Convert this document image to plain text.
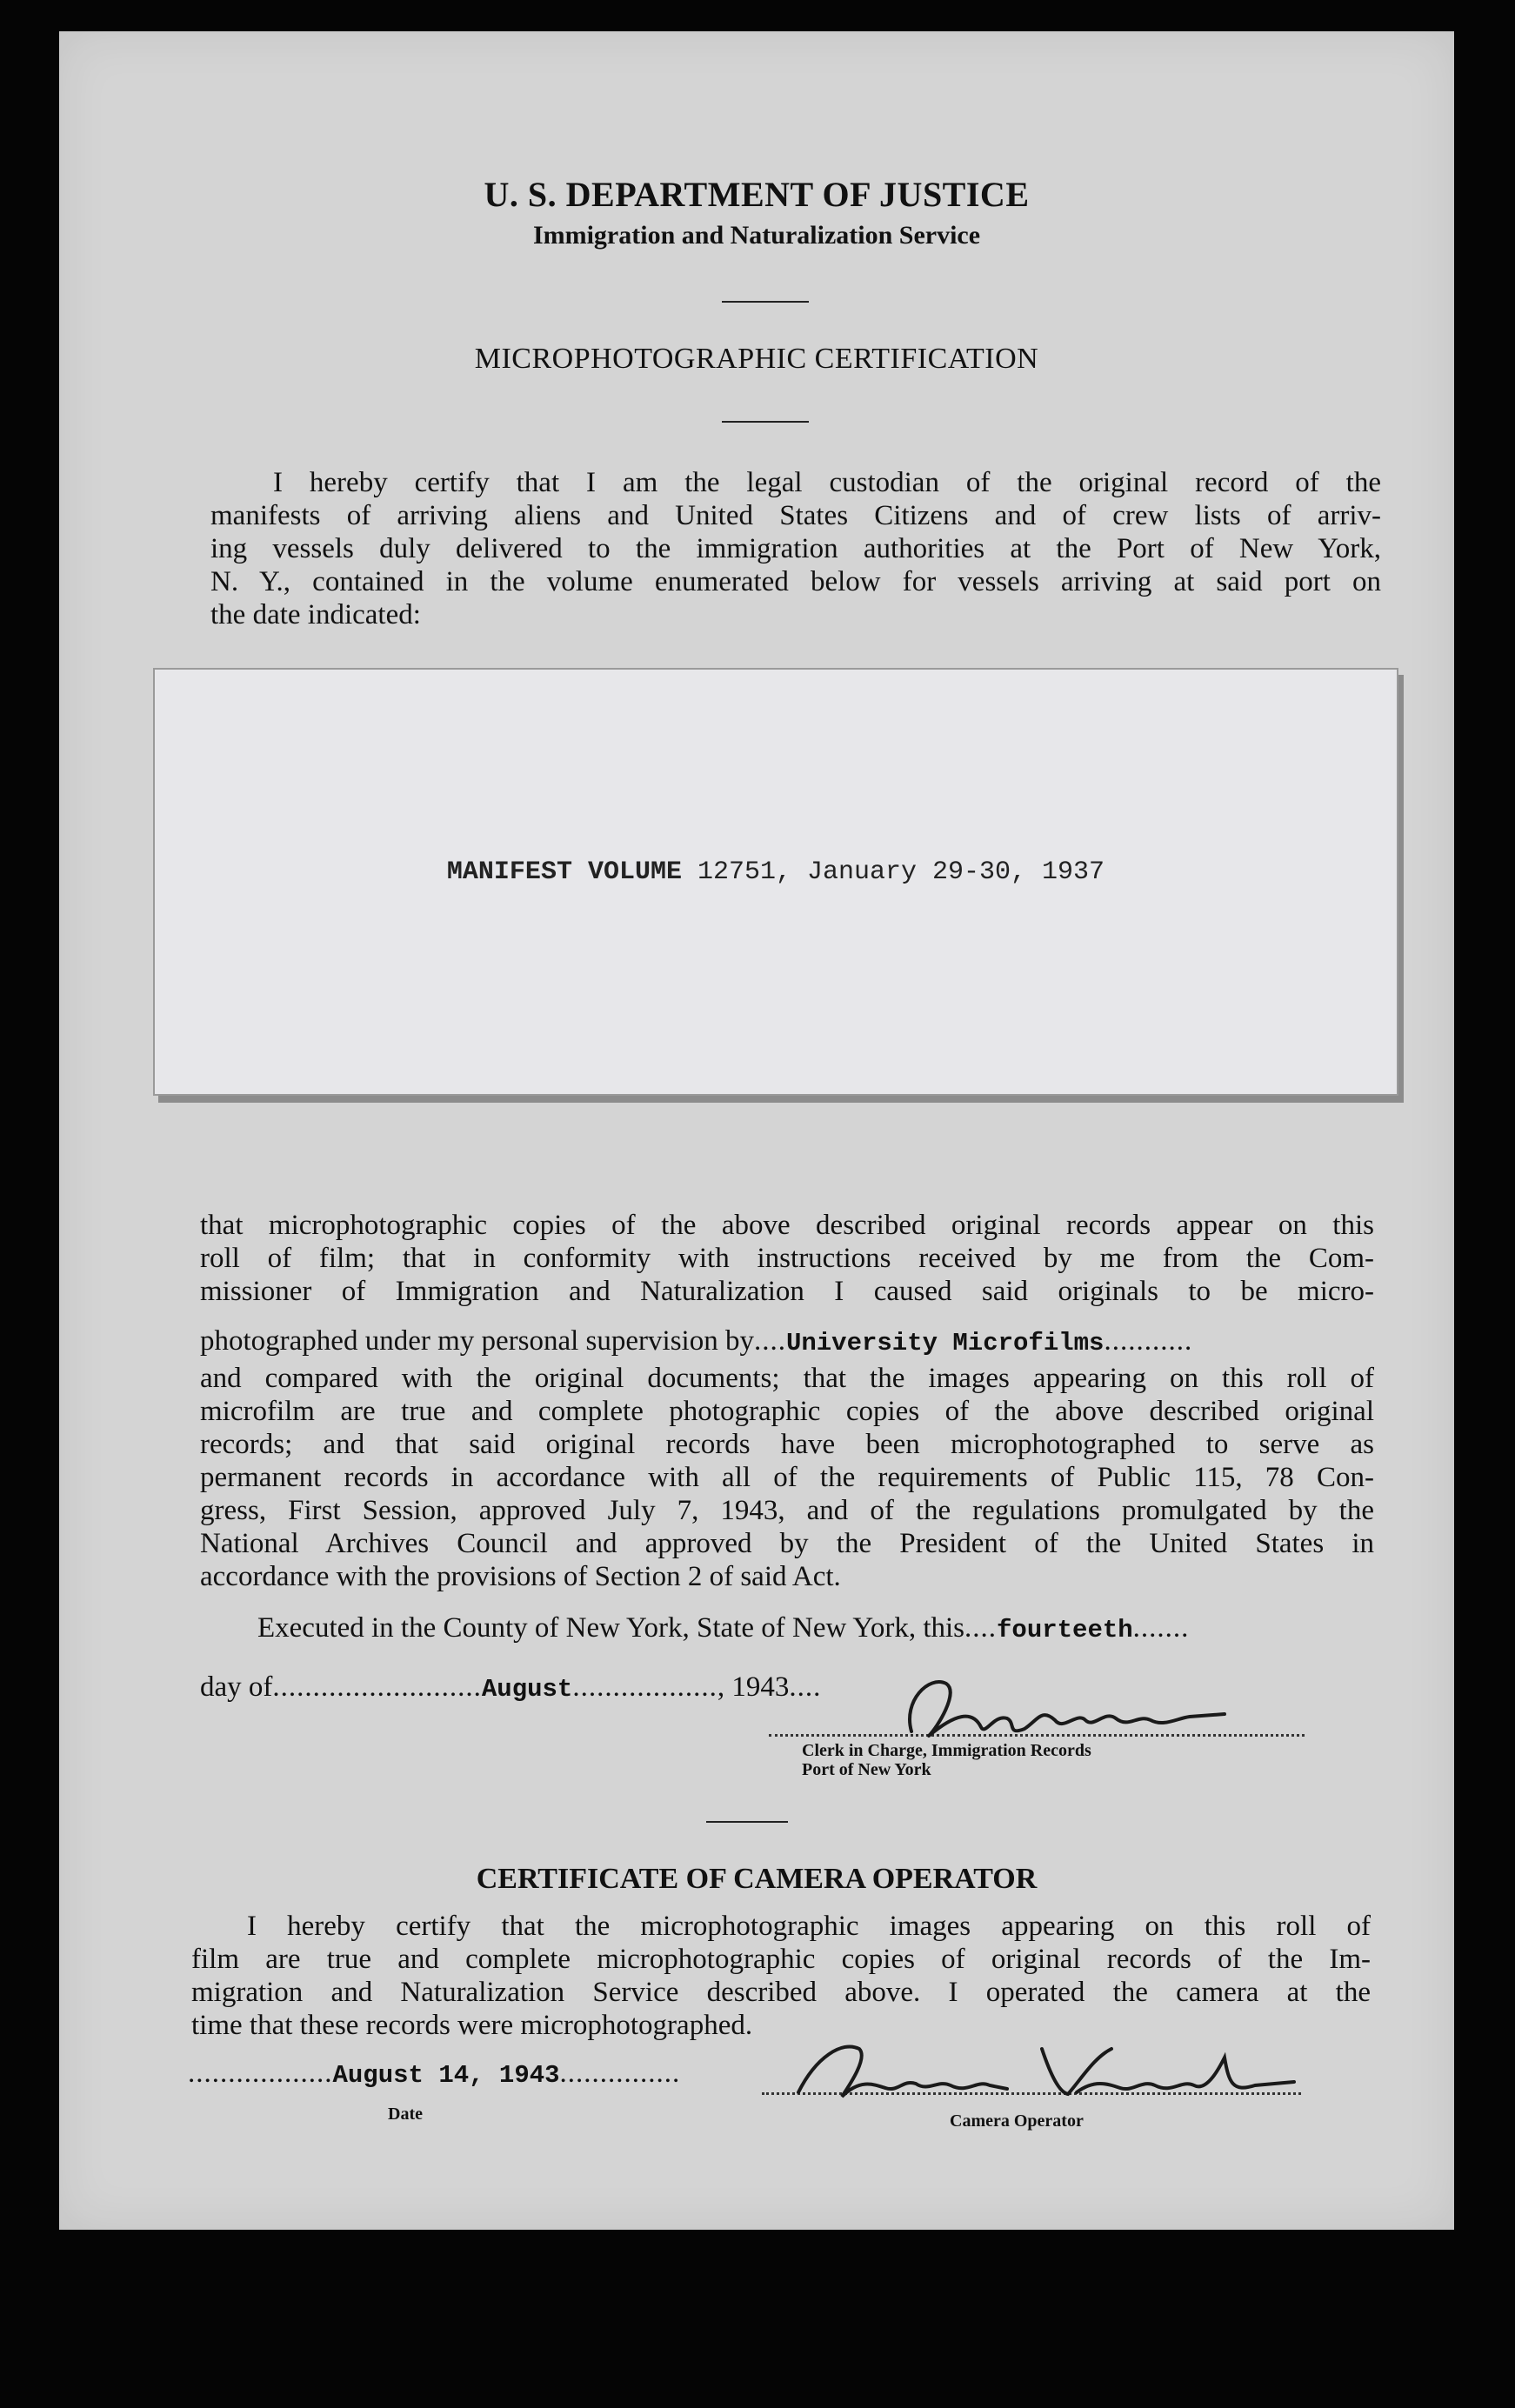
U. S. DEPARTMENT OF JUSTICE
Immigration and Naturalization Service
MICROPHOTOGRAPHIC CERTIFICATION
I hereby certify that I am the legal custodian of the original record of the
manifests of arriving aliens and United States Citizens and of crew lists of arriv-
ing vessels duly delivered to the immigration authorities at the Port of New York,
N. Y., contained in the volume enumerated below for vessels arriving at said port on
the date indicated:
MANIFEST VOLUME 12751, January 29-30, 1937
that microphotographic copies of the above described original records appear on this
roll of film; that in conformity with instructions received by me from the Com-
missioner of Immigration and Naturalization I caused said originals to be micro-
photographed under my personal supervision by....University Microfilms...........
and compared with the original documents; that the images appearing on this roll of
microfilm are true and complete photographic copies of the above described original
records; and that said original records have been microphotographed to serve as
permanent records in accordance with all of the requirements of Public 115, 78 Con-
gress, First Session, approved July 7, 1943, and of the regulations promulgated by the
National Archives Council and approved by the President of the United States in
accordance with the provisions of Section 2 of said Act.
Executed in the County of New York, State of New York, this....fourteeth.......
day of..........................August.................., 1943....
Clerk in Charge, Immigration Records
Port of New York
CERTIFICATE OF CAMERA OPERATOR
I hereby certify that the microphotographic images appearing on this roll of
film are true and complete microphotographic copies of original records of the Im-
migration and Naturalization Service described above. I operated the camera at the
time that these records were microphotographed.
..................August 14, 1943...............
Date	Camera Operator
